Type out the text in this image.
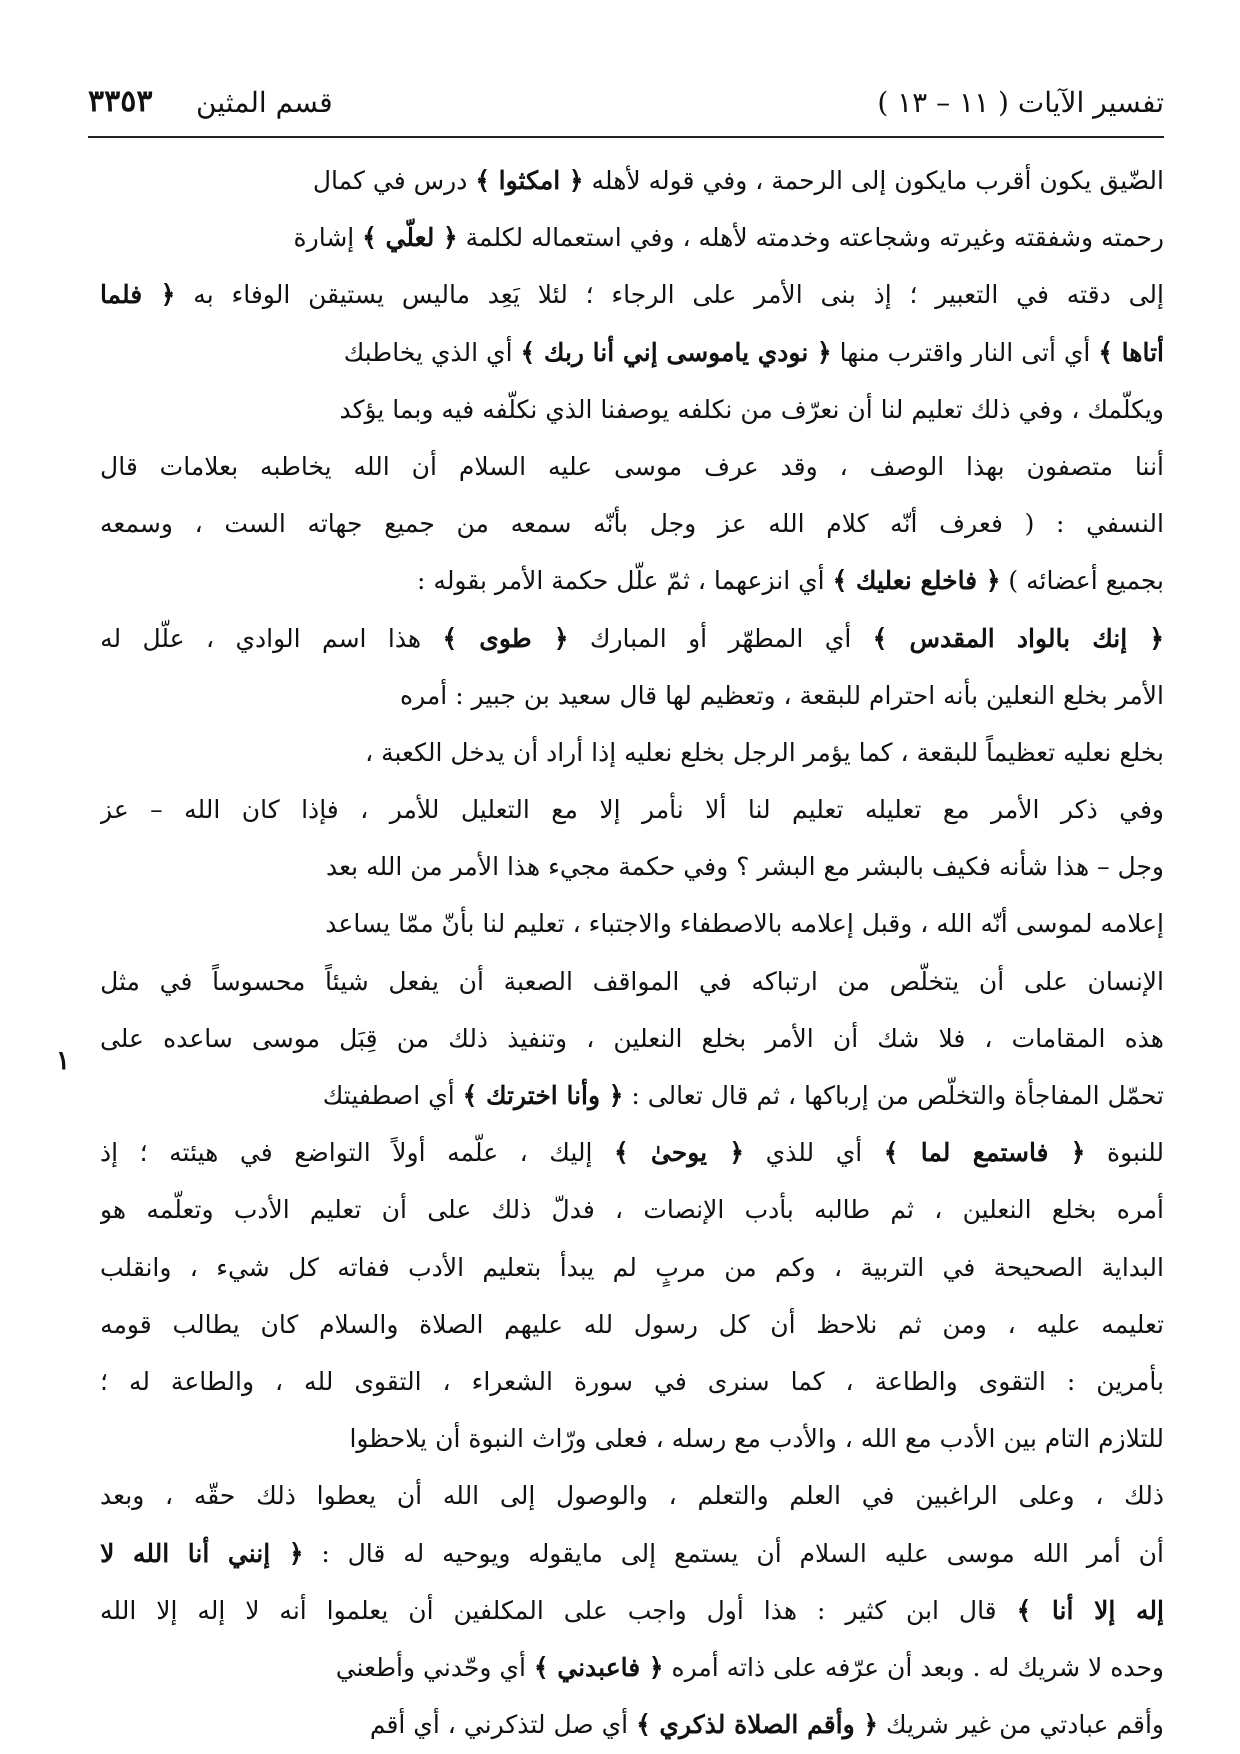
تفسير الآيات ( ١١ – ١٣ )
قسم المثين
٣٣٥٣
الضّيق يكون أقرب مايكون إلى الرحمة ، وفي قوله لأهله ﴿ امكثوا ﴾ درس في كمال
رحمته وشفقته وغيرته وشجاعته وخدمته لأهله ، وفي استعماله لكلمة ﴿ لعلّي ﴾ إشارة
إلى دقته في التعبير ؛ إذ بنى الأمر على الرجاء ؛ لئلا يَعِد ماليس يستيقن الوفاء به ﴿ فلما
أتاها ﴾ أي أتى النار واقترب منها ﴿ نودي ياموسى إني أنا ربك ﴾ أي الذي يخاطبك
ويكلّمك ، وفي ذلك تعليم لنا أن نعرّف من نكلفه يوصفنا الذي نكلّفه فيه وبما يؤكد
أننا متصفون بهذا الوصف ، وقد عرف موسى عليه السلام أن الله يخاطبه بعلامات قال
النسفي : ( فعرف أنّه كلام الله عز وجل بأنّه سمعه من جميع جهاته الست ، وسمعه
بجميع أعضائه ) ﴿ فاخلع نعليك ﴾ أي انزعهما ، ثمّ علّل حكمة الأمر بقوله :
﴿ إنك بالواد المقدس ﴾ أي المطهّر أو المبارك ﴿ طوى ﴾ هذا اسم الوادي ، علّل له
الأمر بخلع النعلين بأنه احترام للبقعة ، وتعظيم لها قال سعيد بن جبير : أمره
بخلع نعليه تعظيماً للبقعة ، كما يؤمر الرجل بخلع نعليه إذا أراد أن يدخل الكعبة ،
وفي ذكر الأمر مع تعليله تعليم لنا ألا نأمر إلا مع التعليل للأمر ، فإذا كان الله – عز
وجل – هذا شأنه فكيف بالبشر مع البشر ؟ وفي حكمة مجيء هذا الأمر من الله بعد
إعلامه لموسى أنّه الله ، وقبل إعلامه بالاصطفاء والاجتباء ، تعليم لنا بأنّ ممّا يساعد
الإنسان على أن يتخلّص من ارتباكه في المواقف الصعبة أن يفعل شيئاً محسوساً في مثل
هذه المقامات ، فلا شك أن الأمر بخلع النعلين ، وتنفيذ ذلك من قِبَل موسى ساعده على
تحمّل المفاجأة والتخلّص من إرباكها ، ثم قال تعالى : ﴿ وأنا اخترتك ﴾ أي اصطفيتك
للنبوة ﴿ فاستمع لما ﴾ أي للذي ﴿ يوحىٰ ﴾ إليك ، علّمه أولاً التواضع في هيئته ؛ إذ
أمره بخلع النعلين ، ثم طالبه بأدب الإنصات ، فدلّ ذلك على أن تعليم الأدب وتعلّمه هو
البداية الصحيحة في التربية ، وكم من مربٍ لم يبدأ بتعليم الأدب ففاته كل شيء ، وانقلب
تعليمه عليه ، ومن ثم نلاحظ أن كل رسول لله عليهم الصلاة والسلام كان يطالب قومه
بأمرين : التقوى والطاعة ، كما سنرى في سورة الشعراء ، التقوى لله ، والطاعة له ؛
للتلازم التام بين الأدب مع الله ، والأدب مع رسله ، فعلى ورّاث النبوة أن يلاحظوا
ذلك ، وعلى الراغبين في العلم والتعلم ، والوصول إلى الله أن يعطوا ذلك حقّه ، وبعد
أن أمر الله موسى عليه السلام أن يستمع إلى مايقوله ويوحيه له قال : ﴿ إنني أنا الله لا
إله إلا أنا ﴾ قال ابن كثير : هذا أول واجب على المكلفين أن يعلموا أنه لا إله إلا الله
وحده لا شريك له . وبعد أن عرّفه على ذاته أمره ﴿ فاعبدني ﴾ أي وحّدني وأطعني
وأقم عبادتي من غير شريك ﴿ وأقم الصلاة لذكري ﴾ أي صل لتذكرني ، أي أقم
١
